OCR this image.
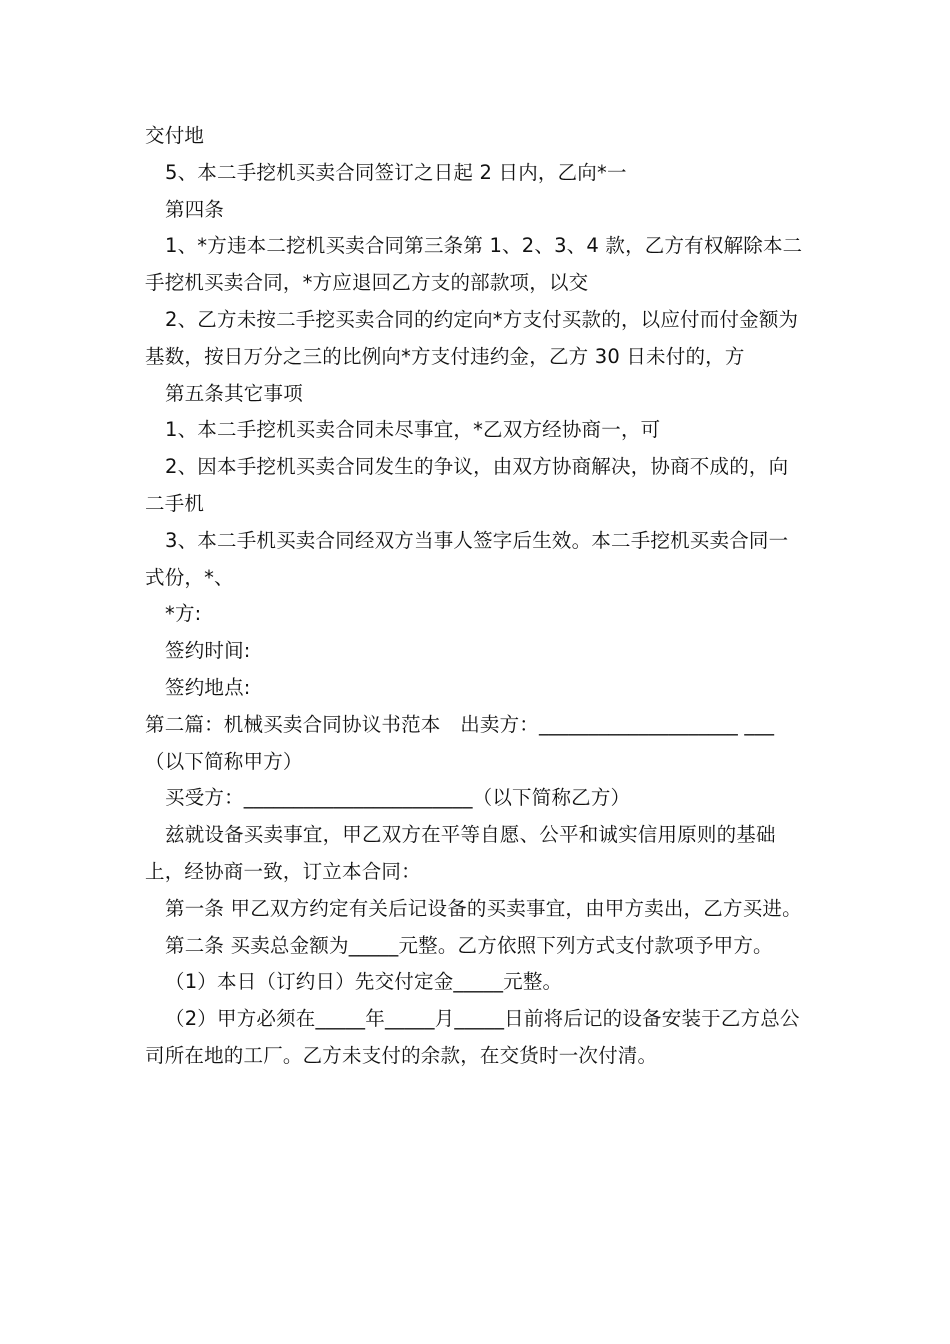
交付地

5、本二手挖机买卖合同签订之日起 2 日内，乙向*一

第四条

1、*方违本二挖机买卖合同第三条第 1、2、3、4 款，乙方有权解除本二手挖机买卖合同，*方应退回乙方支的部款项，以交

2、乙方未按二手挖买卖合同的约定向*方支付买款的，以应付而付金额为基数，按日万分之三的比例向*方支付违约金，乙方 30 日未付的，方

第五条其它事项

1、本二手挖机买卖合同未尽事宜，*乙双方经协商一，可

2、因本手挖机买卖合同发生的争议，由双方协商解决，协商不成的，向二手机

3、本二手机买卖合同经双方当事人签字后生效。本二手挖机买卖合同一式份，*、

*方:

签约时间:

签约地点:

第二篇：机械买卖合同协议书范本　出卖方：____________________ ___（以下简称甲方）

买受方：_______________________（以下简称乙方）

兹就设备买卖事宜，甲乙双方在平等自愿、公平和诚实信用原则的基础上，经协商一致，订立本合同：

第一条 甲乙双方约定有关后记设备的买卖事宜，由甲方卖出，乙方买进。

第二条 买卖总金额为_____元整。乙方依照下列方式支付款项予甲方。

（1）本日（订约日）先交付定金_____元整。

（2）甲方必须在_____年_____月_____日前将后记的设备安装于乙方总公司所在地的工厂。乙方未支付的余款，在交货时一次付清。
